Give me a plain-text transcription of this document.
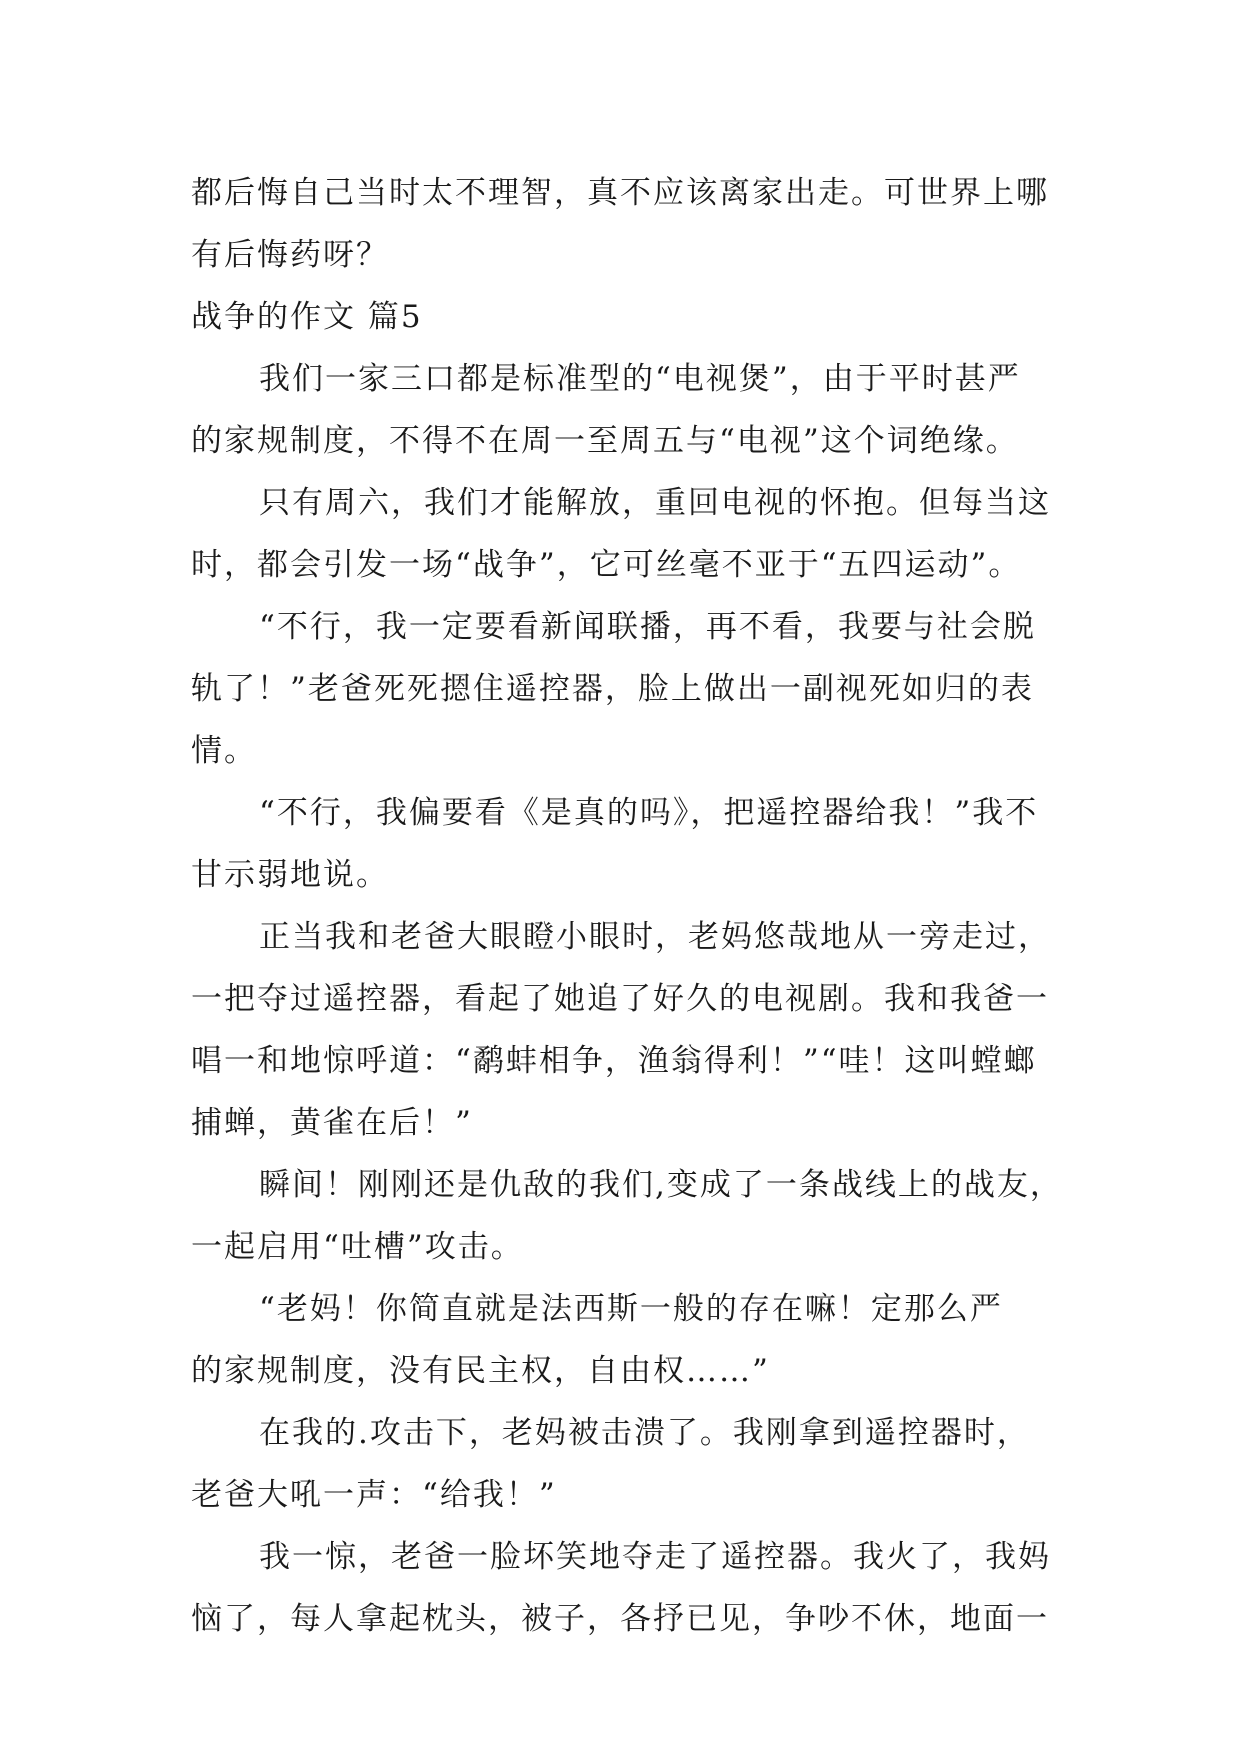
都后悔自己当时太不理智，真不应该离家出走。可世界上哪
有后悔药呀？
战争的作文 篇5
我们一家三口都是标准型的“电视煲”，由于平时甚严
的家规制度，不得不在周一至周五与“电视”这个词绝缘。
只有周六，我们才能解放，重回电视的怀抱。但每当这
时，都会引发一场“战争”，它可丝毫不亚于“五四运动”。
“不行，我一定要看新闻联播，再不看，我要与社会脱
轨了！”老爸死死摁住遥控器，脸上做出一副视死如归的表
情。
“不行，我偏要看《是真的吗》，把遥控器给我！”我不
甘示弱地说。
正当我和老爸大眼瞪小眼时，老妈悠哉地从一旁走过，
一把夺过遥控器，看起了她追了好久的电视剧。我和我爸一
唱一和地惊呼道：“鹬蚌相争，渔翁得利！”“哇！这叫螳螂
捕蝉，黄雀在后！”
瞬间！刚刚还是仇敌的我们,变成了一条战线上的战友，
一起启用“吐槽”攻击。
“老妈！你简直就是法西斯一般的存在嘛！定那么严
的家规制度，没有民主权，自由权……”
在我的.攻击下，老妈被击溃了。我刚拿到遥控器时，
老爸大吼一声：“给我！”
我一惊，老爸一脸坏笑地夺走了遥控器。我火了，我妈
恼了，每人拿起枕头，被子，各抒已见，争吵不休，地面一
